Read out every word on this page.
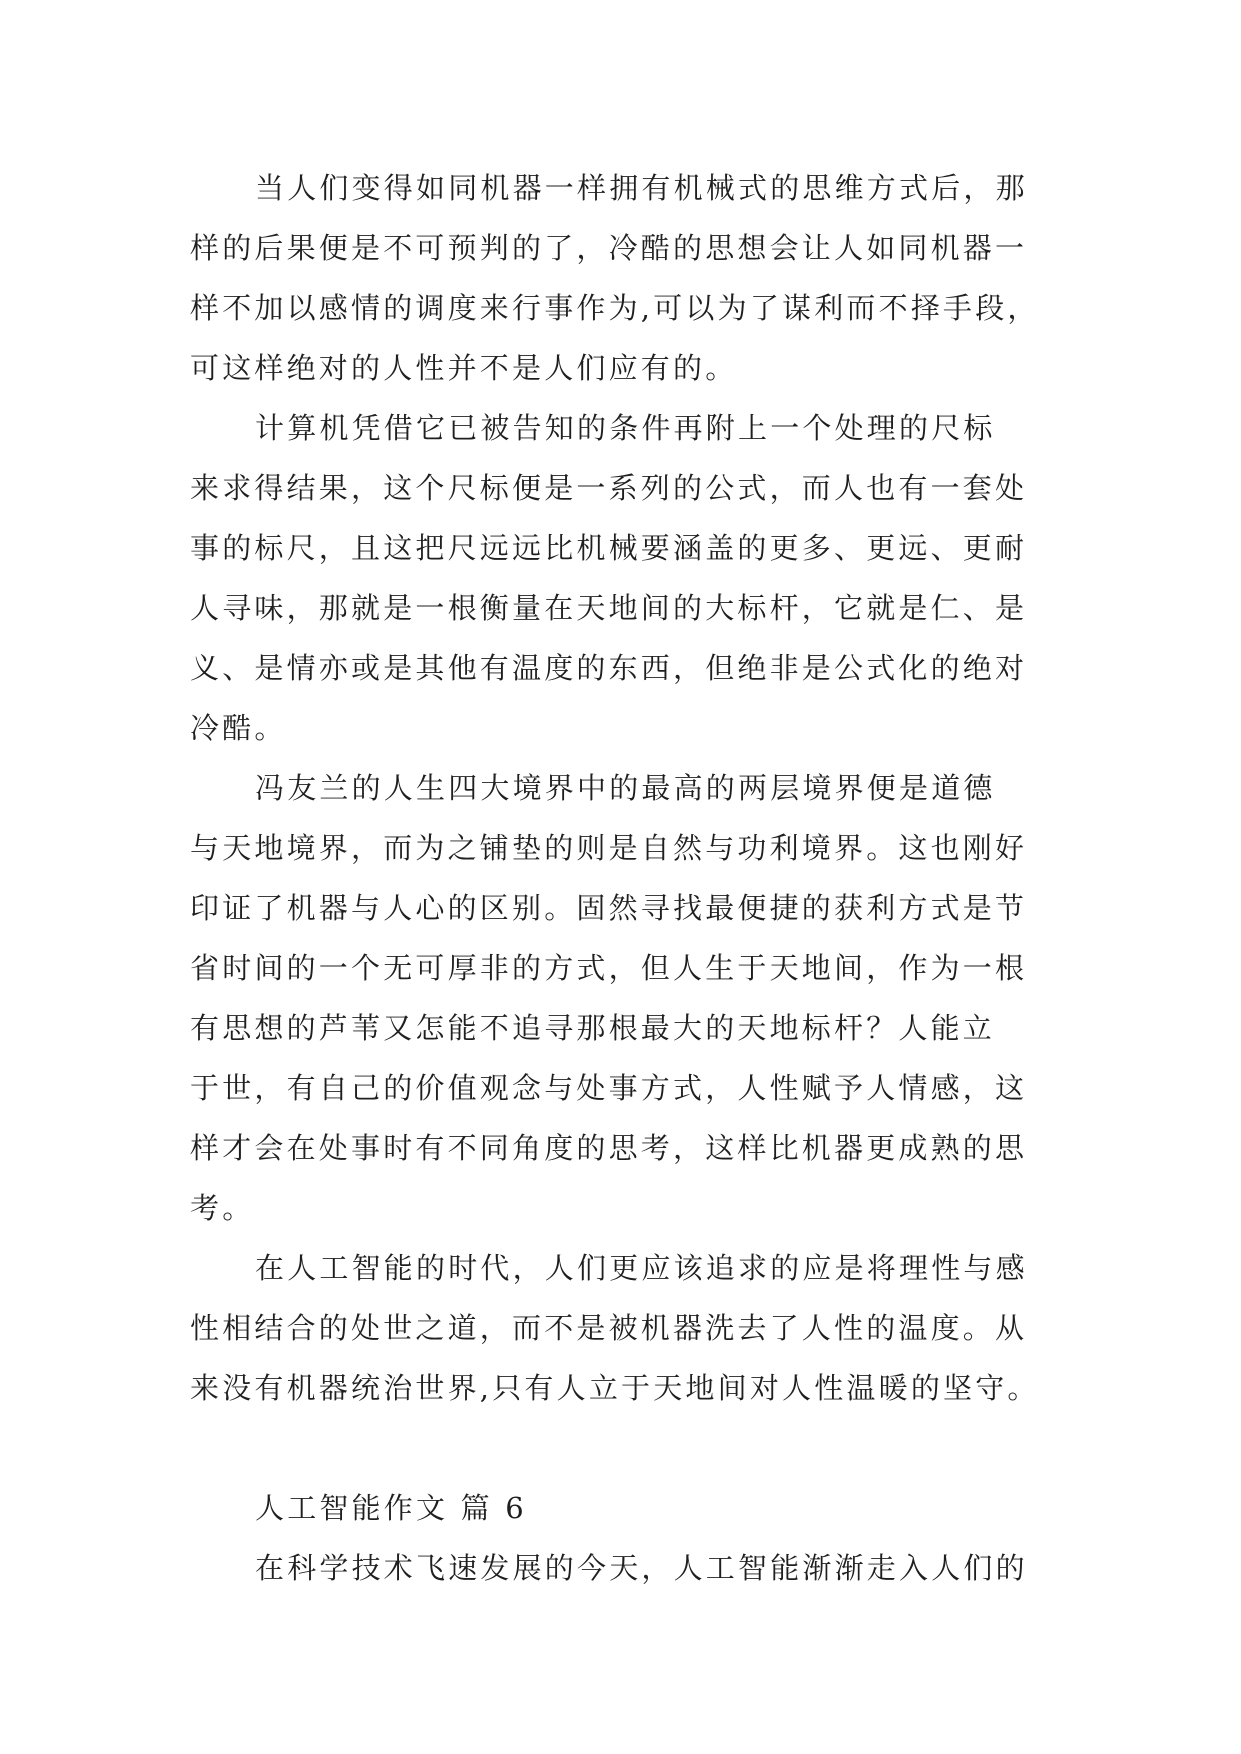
当人们变得如同机器一样拥有机械式的思维方式后，那
样的后果便是不可预判的了，冷酷的思想会让人如同机器一
样不加以感情的调度来行事作为,可以为了谋利而不择手段，
可这样绝对的人性并不是人们应有的。
计算机凭借它已被告知的条件再附上一个处理的尺标
来求得结果，这个尺标便是一系列的公式，而人也有一套处
事的标尺，且这把尺远远比机械要涵盖的更多、更远、更耐
人寻味，那就是一根衡量在天地间的大标杆，它就是仁、是
义、是情亦或是其他有温度的东西，但绝非是公式化的绝对
冷酷。
冯友兰的人生四大境界中的最高的两层境界便是道德
与天地境界，而为之铺垫的则是自然与功利境界。这也刚好
印证了机器与人心的区别。固然寻找最便捷的获利方式是节
省时间的一个无可厚非的方式，但人生于天地间，作为一根
有思想的芦苇又怎能不追寻那根最大的天地标杆？人能立
于世，有自己的价值观念与处事方式，人性赋予人情感，这
样才会在处事时有不同角度的思考，这样比机器更成熟的思
考。
在人工智能的时代，人们更应该追求的应是将理性与感
性相结合的处世之道，而不是被机器洗去了人性的温度。从
来没有机器统治世界,只有人立于天地间对人性温暖的坚守。
人工智能作文 篇 6
在科学技术飞速发展的今天，人工智能渐渐走入人们的
